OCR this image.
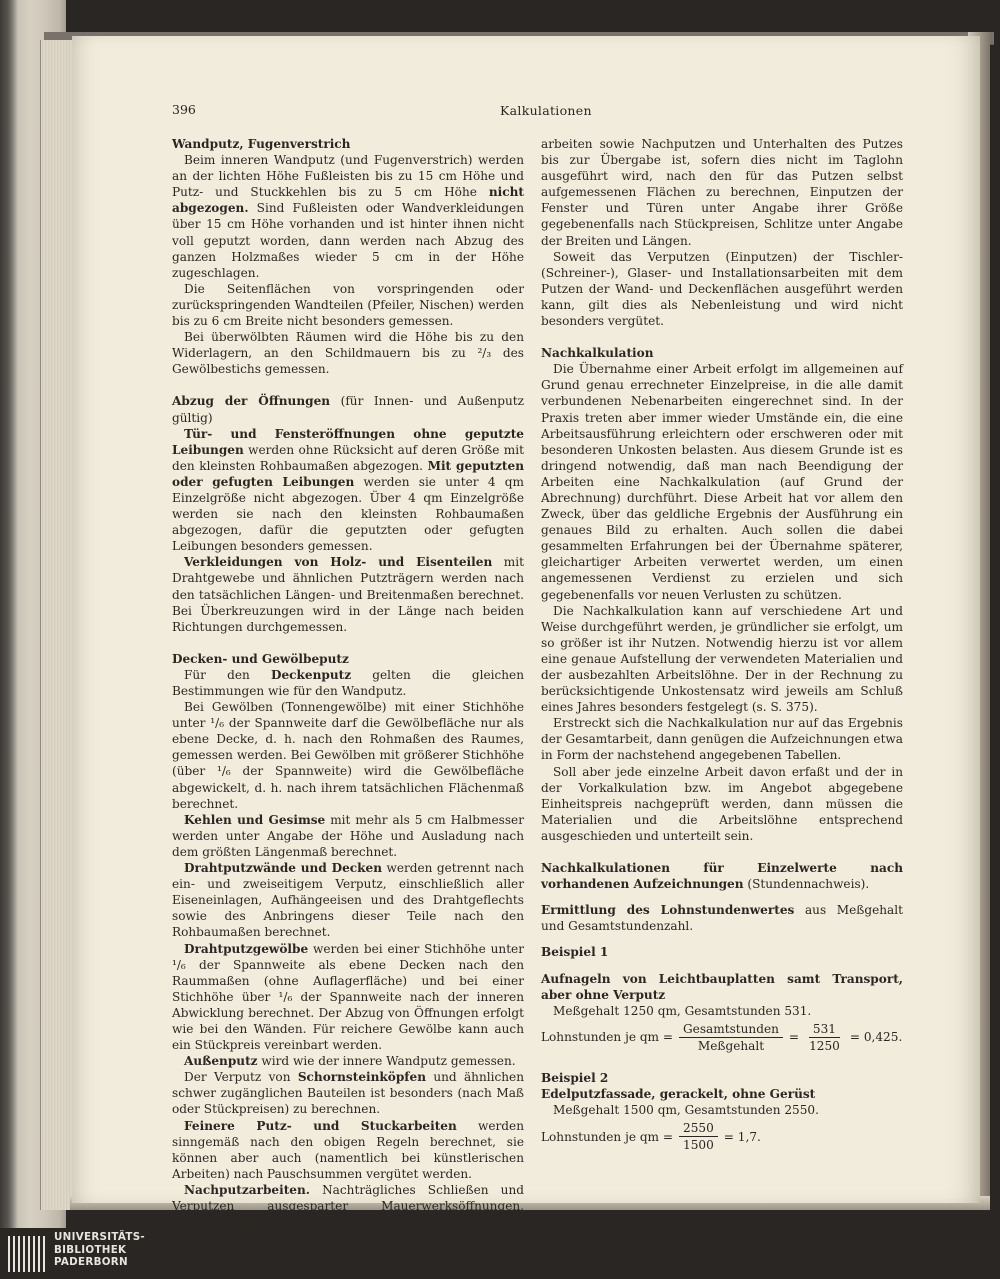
396	Kalkulationen
Wandputz, Fugenverstrich

Beim inneren Wandputz (und Fugenverstrich) werden an der lichten Höhe Fußleisten bis zu 15 cm Höhe und Putz- und Stuckkehlen bis zu 5 cm Höhe nicht abgezogen. Sind Fußleisten oder Wandverkleidungen über 15 cm Höhe vorhanden und ist hinter ihnen nicht voll geputzt worden, dann werden nach Abzug des ganzen Holzmaßes wieder 5 cm in der Höhe zugeschlagen.

Die Seitenflächen von vorspringenden oder zurückspringenden Wandteilen (Pfeiler, Nischen) werden bis zu 6 cm Breite nicht besonders gemessen.

Bei überwölbten Räumen wird die Höhe bis zu den Widerlagern, an den Schildmauern bis zu ²/₃ des Gewölbestichs gemessen.

Abzug der Öffnungen (für Innen- und Außenputz gültig)

Tür- und Fensteröffnungen ohne geputzte Leibungen werden ohne Rücksicht auf deren Größe mit den kleinsten Rohbaumaßen abgezogen. Mit geputzten oder gefugten Leibungen werden sie unter 4 qm Einzelgröße nicht abgezogen. Über 4 qm Einzelgröße werden sie nach den kleinsten Rohbaumaßen abgezogen, dafür die geputzten oder gefugten Leibungen besonders gemessen.

Verkleidungen von Holz- und Eisenteilen mit Drahtgewebe und ähnlichen Putzträgern werden nach den tatsächlichen Längen- und Breitenmaßen berechnet. Bei Überkreuzungen wird in der Länge nach beiden Richtungen durchgemessen.

Decken- und Gewölbeputz

Für den Deckenputz gelten die gleichen Bestimmungen wie für den Wandputz.

Bei Gewölben (Tonnengewölbe) mit einer Stichhöhe unter ¹/₆ der Spannweite darf die Gewölbefläche nur als ebene Decke, d. h. nach den Rohmaßen des Raumes, gemessen werden. Bei Gewölben mit größerer Stichhöhe (über ¹/₆ der Spannweite) wird die Gewölbefläche abgewickelt, d. h. nach ihrem tatsächlichen Flächenmaß berechnet.

Kehlen und Gesimse mit mehr als 5 cm Halbmesser werden unter Angabe der Höhe und Ausladung nach dem größten Längenmaß berechnet.

Drahtputzwände und Decken werden getrennt nach ein- und zweiseitigem Verputz, einschließlich aller Eiseneinlagen, Aufhängeeisen und des Drahtgeflechts sowie des Anbringens dieser Teile nach den Rohbaumaßen berechnet.

Drahtputzgewölbe werden bei einer Stichhöhe unter ¹/₆ der Spannweite als ebene Decken nach den Raummaßen (ohne Auflagerfläche) und bei einer Stichhöhe über ¹/₆ der Spannweite nach der inneren Abwicklung berechnet. Der Abzug von Öffnungen erfolgt wie bei den Wänden. Für reichere Gewölbe kann auch ein Stückpreis vereinbart werden.

Außenputz wird wie der innere Wandputz gemessen.

Der Verputz von Schornsteinköpfen und ähnlichen schwer zugänglichen Bauteilen ist besonders (nach Maß oder Stückpreisen) zu berechnen.

Feinere Putz- und Stuckarbeiten werden sinngemäß nach den obigen Regeln berechnet, sie können aber auch (namentlich bei künstlerischen Arbeiten) nach Pauschsummen vergütet werden.

Nachputzarbeiten. Nachträgliches Schließen und Verputzen ausgesparter Mauerwerksöffnungen, Einputzen der Schlosser-

arbeiten sowie Nachputzen und Unterhalten des Putzes bis zur Übergabe ist, sofern dies nicht im Taglohn ausgeführt wird, nach den für das Putzen selbst aufgemessenen Flächen zu berechnen, Einputzen der Fenster und Türen unter Angabe ihrer Größe gegebenenfalls nach Stückpreisen, Schlitze unter Angabe der Breiten und Längen.

Soweit das Verputzen (Einputzen) der Tischler- (Schreiner-), Glaser- und Installationsarbeiten mit dem Putzen der Wand- und Deckenflächen ausgeführt werden kann, gilt dies als Nebenleistung und wird nicht besonders vergütet.

Nachkalkulation

Die Übernahme einer Arbeit erfolgt im allgemeinen auf Grund genau errechneter Einzelpreise, in die alle damit verbundenen Nebenarbeiten eingerechnet sind. In der Praxis treten aber immer wieder Umstände ein, die eine Arbeitsausführung erleichtern oder erschweren oder mit besonderen Unkosten belasten. Aus diesem Grunde ist es dringend notwendig, daß man nach Beendigung der Arbeiten eine Nachkalkulation (auf Grund der Abrechnung) durchführt. Diese Arbeit hat vor allem den Zweck, über das geldliche Ergebnis der Ausführung ein genaues Bild zu erhalten. Auch sollen die dabei gesammelten Erfahrungen bei der Übernahme späterer, gleichartiger Arbeiten verwertet werden, um einen angemessenen Verdienst zu erzielen und sich gegebenenfalls vor neuen Verlusten zu schützen.

Die Nachkalkulation kann auf verschiedene Art und Weise durchgeführt werden, je gründlicher sie erfolgt, um so größer ist ihr Nutzen. Notwendig hierzu ist vor allem eine genaue Aufstellung der verwendeten Materialien und der ausbezahlten Arbeitslöhne. Der in der Rechnung zu berücksichtigende Unkostensatz wird jeweils am Schluß eines Jahres besonders festgelegt (s. S. 375).

Erstreckt sich die Nachkalkulation nur auf das Ergebnis der Gesamtarbeit, dann genügen die Aufzeichnungen etwa in Form der nachstehend angegebenen Tabellen.

Soll aber jede einzelne Arbeit davon erfaßt und der in der Vorkalkulation bzw. im Angebot abgegebene Einheitspreis nachgeprüft werden, dann müssen die Materialien und die Arbeitslöhne entsprechend ausgeschieden und unterteilt sein.

Nachkalkulationen für Einzelwerte nach vorhandenen Aufzeichnungen (Stundennachweis).

Ermittlung des Lohnstundenwertes aus Meßgehalt und Gesamtstundenzahl.

Beispiel 1
Aufnageln von Leichtbauplatten samt Transport, aber ohne Verputz

Meßgehalt 1250 qm, Gesamtstunden 531.

Lohnstunden je qm = $\frac{\text{Gesamtstunden}}{\text{Meßgehalt}} = \frac{531}{1250} = 0,425$.
Beispiel 2
Edelputzfassade, gerackelt, ohne Gerüst

Meßgehalt 1500 qm, Gesamtstunden 2550.

Lohnstunden je qm = $\frac{2550}{1500} = 1,7$.
UNIVERSITÄTS-
BIBLIOTHEK
PADERBORN
